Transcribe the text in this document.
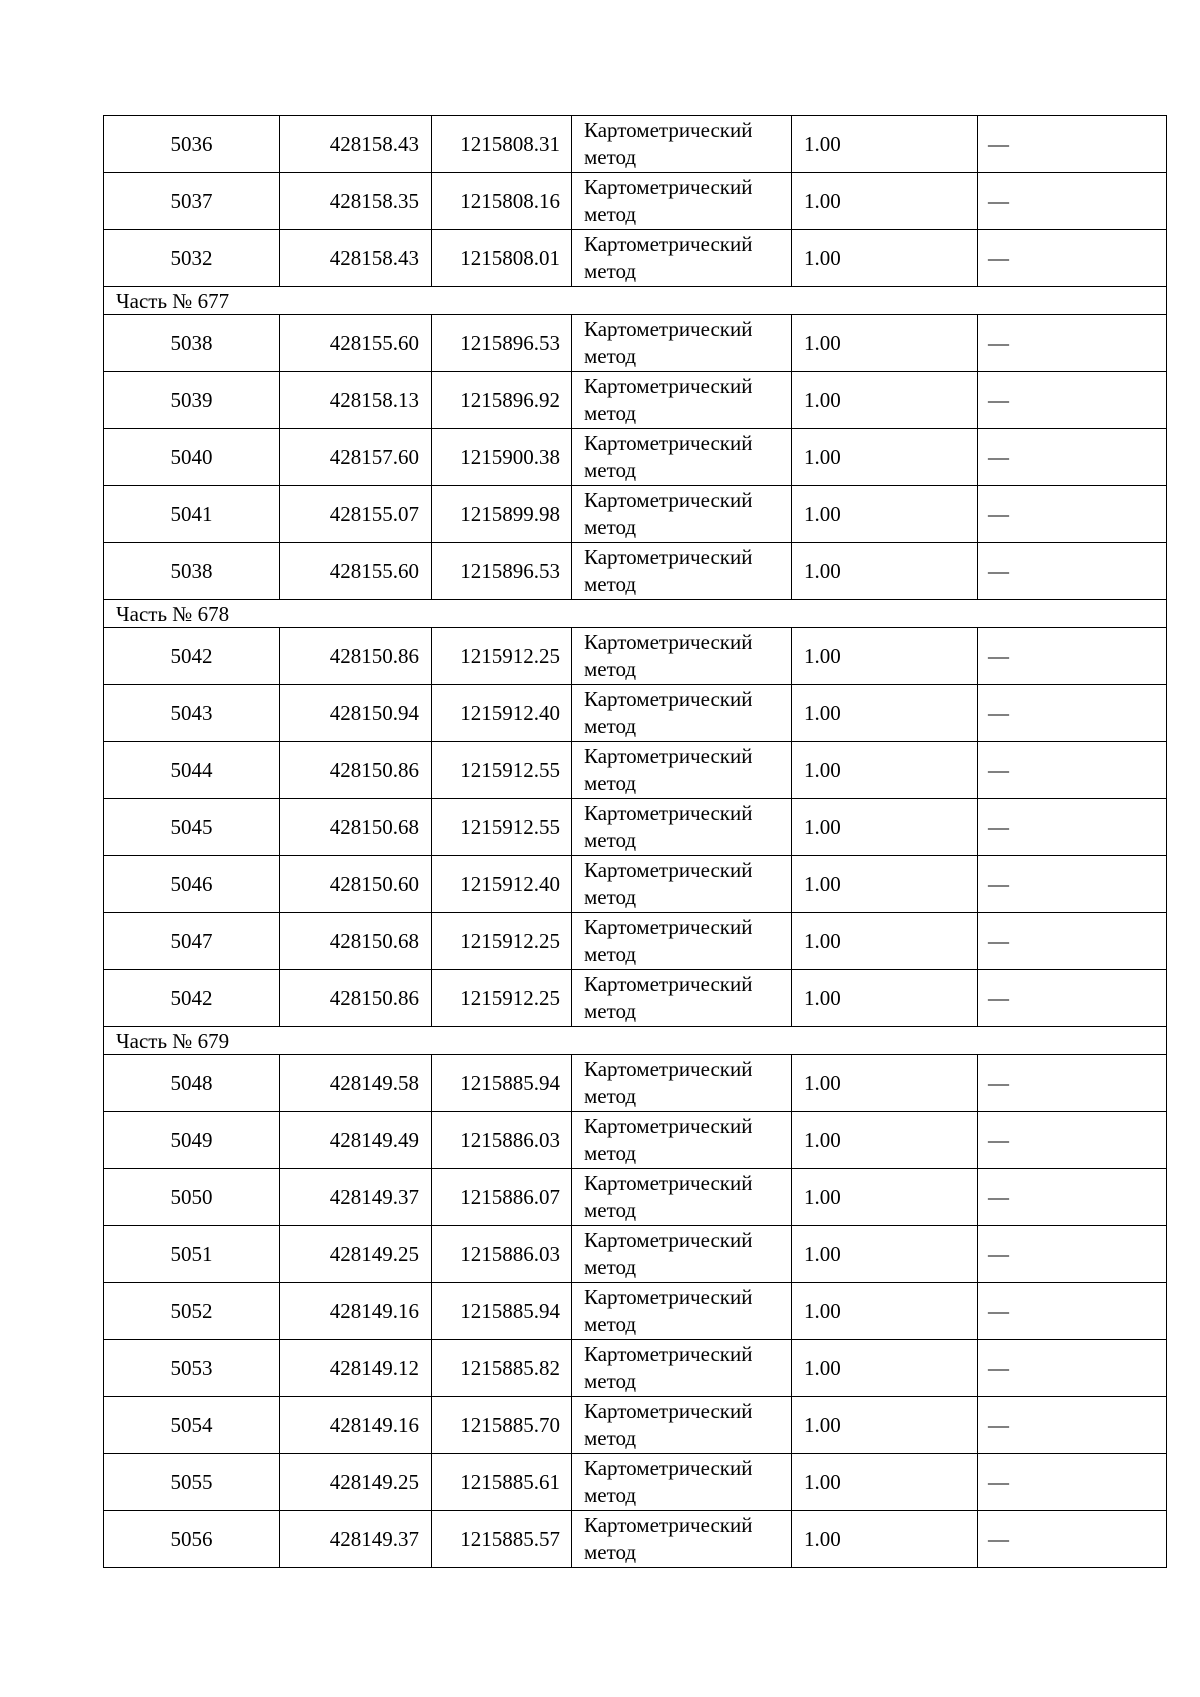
5036	428158.43	1215808.31	Картометрический метод	1.00	—
5037	428158.35	1215808.16	Картометрический метод	1.00	—
5032	428158.43	1215808.01	Картометрический метод	1.00	—
Часть № 677					
5038	428155.60	1215896.53	Картометрический метод	1.00	—
5039	428158.13	1215896.92	Картометрический метод	1.00	—
5040	428157.60	1215900.38	Картометрический метод	1.00	—
5041	428155.07	1215899.98	Картометрический метод	1.00	—
5038	428155.60	1215896.53	Картометрический метод	1.00	—
Часть № 678					
5042	428150.86	1215912.25	Картометрический метод	1.00	—
5043	428150.94	1215912.40	Картометрический метод	1.00	—
5044	428150.86	1215912.55	Картометрический метод	1.00	—
5045	428150.68	1215912.55	Картометрический метод	1.00	—
5046	428150.60	1215912.40	Картометрический метод	1.00	—
5047	428150.68	1215912.25	Картометрический метод	1.00	—
5042	428150.86	1215912.25	Картометрический метод	1.00	—
Часть № 679					
5048	428149.58	1215885.94	Картометрический метод	1.00	—
5049	428149.49	1215886.03	Картометрический метод	1.00	—
5050	428149.37	1215886.07	Картометрический метод	1.00	—
5051	428149.25	1215886.03	Картометрический метод	1.00	—
5052	428149.16	1215885.94	Картометрический метод	1.00	—
5053	428149.12	1215885.82	Картометрический метод	1.00	—
5054	428149.16	1215885.70	Картометрический метод	1.00	—
5055	428149.25	1215885.61	Картометрический метод	1.00	—
5056	428149.37	1215885.57	Картометрический метод	1.00	—
